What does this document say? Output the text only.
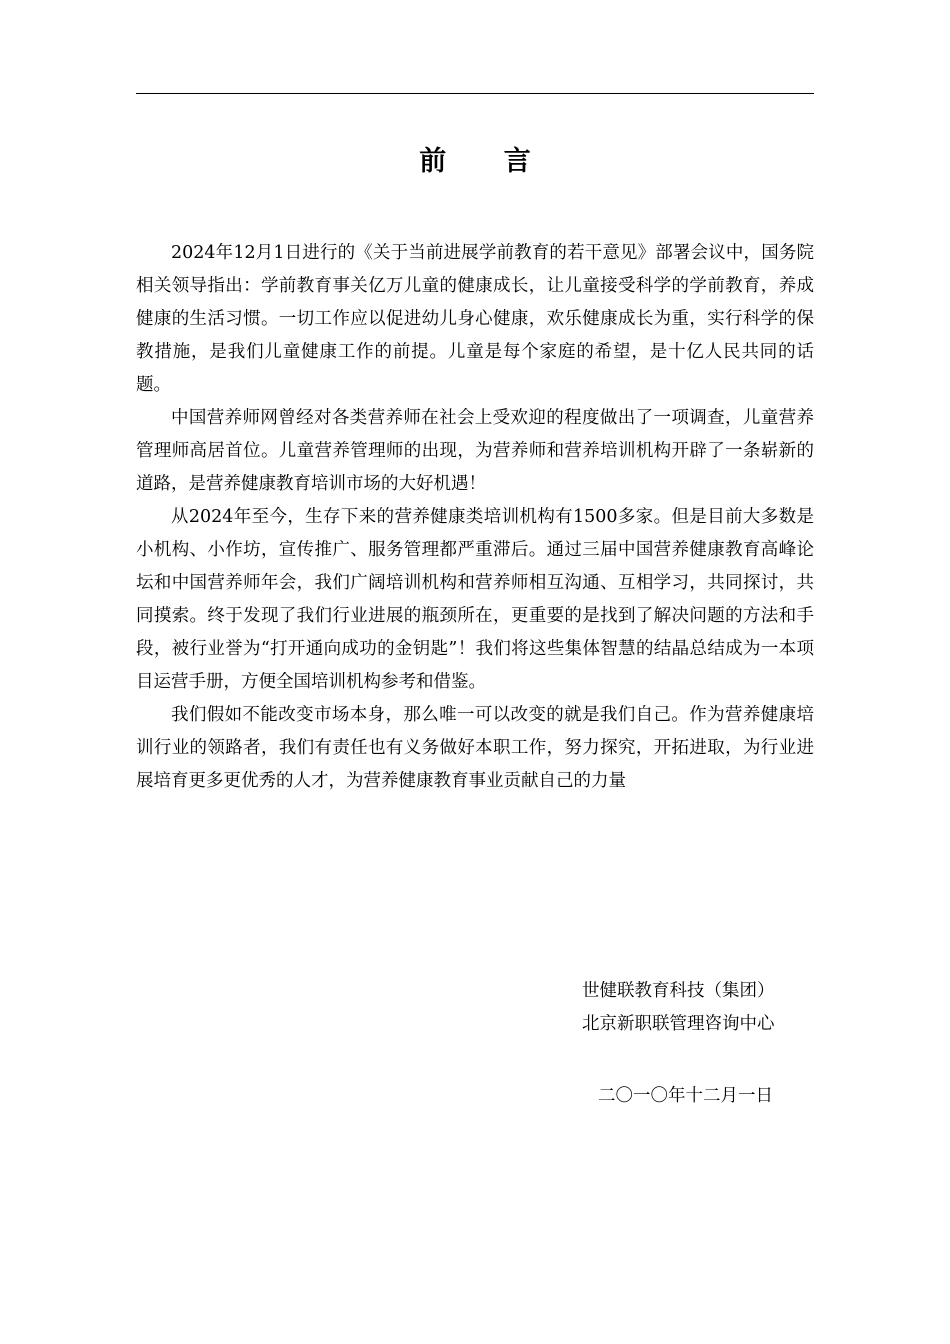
前 言

2024年12月1日进行的《关于当前进展学前教育的若干意见》部署会议中，国务院相关领导指出：学前教育事关亿万儿童的健康成长，让儿童接受科学的学前教育，养成健康的生活习惯。一切工作应以促进幼儿身心健康，欢乐健康成长为重，实行科学的保教措施，是我们儿童健康工作的前提。儿童是每个家庭的希望，是十亿人民共同的话题。

中国营养师网曾经对各类营养师在社会上受欢迎的程度做出了一项调查，儿童营养管理师高居首位。儿童营养管理师的出现，为营养师和营养培训机构开辟了一条崭新的道路，是营养健康教育培训市场的大好机遇！

从2024年至今，生存下来的营养健康类培训机构有1500多家。但是目前大多数是小机构、小作坊，宣传推广、服务管理都严重滞后。通过三届中国营养健康教育高峰论坛和中国营养师年会，我们广阔培训机构和营养师相互沟通、互相学习，共同探讨，共同摸索。终于发现了我们行业进展的瓶颈所在，更重要的是找到了解决问题的方法和手段，被行业誉为“打开通向成功的金钥匙”！我们将这些集体智慧的结晶总结成为一本项目运营手册，方便全国培训机构参考和借鉴。

我们假如不能改变市场本身，那么唯一可以改变的就是我们自己。作为营养健康培训行业的领路者，我们有责任也有义务做好本职工作，努力探究，开拓进取，为行业进展培育更多更优秀的人才，为营养健康教育事业贡献自己的力量

世健联教育科技（集团）
北京新职联管理咨询中心
二〇一〇年十二月一日
